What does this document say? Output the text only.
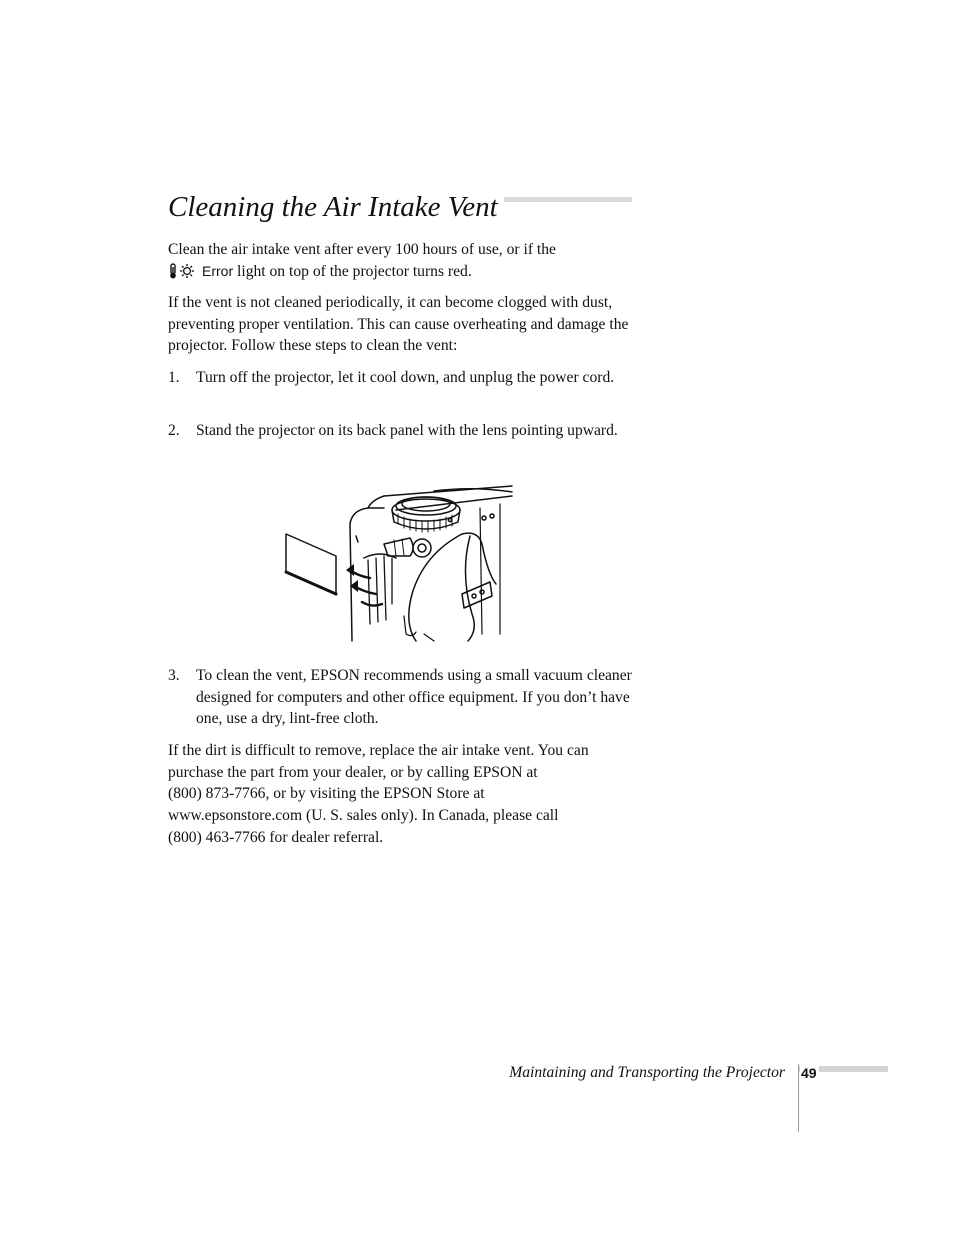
Cleaning the Air Intake Vent

Clean the air intake vent after every 100 hours of use, or if the
Error light on top of the projector turns red.

If the vent is not cleaned periodically, it can become clogged with dust, preventing proper ventilation. This can cause overheating and damage the projector. Follow these steps to clean the vent:

1. Turn off the projector, let it cool down, and unplug the power cord.
2. Stand the projector on its back panel with the lens pointing upward.
3. To clean the vent, EPSON recommends using a small vacuum cleaner designed for computers and other office equipment. If you don’t have one, use a dry, lint-free cloth.

If the dirt is difficult to remove, replace the air intake vent. You can
purchase the part from your dealer, or by calling EPSON at
(800) 873-7766, or by visiting the EPSON Store at
www.epsonstore.com (U. S. sales only). In Canada, please call
(800) 463-7766 for dealer referral.

Maintaining and Transporting the Projector 49
